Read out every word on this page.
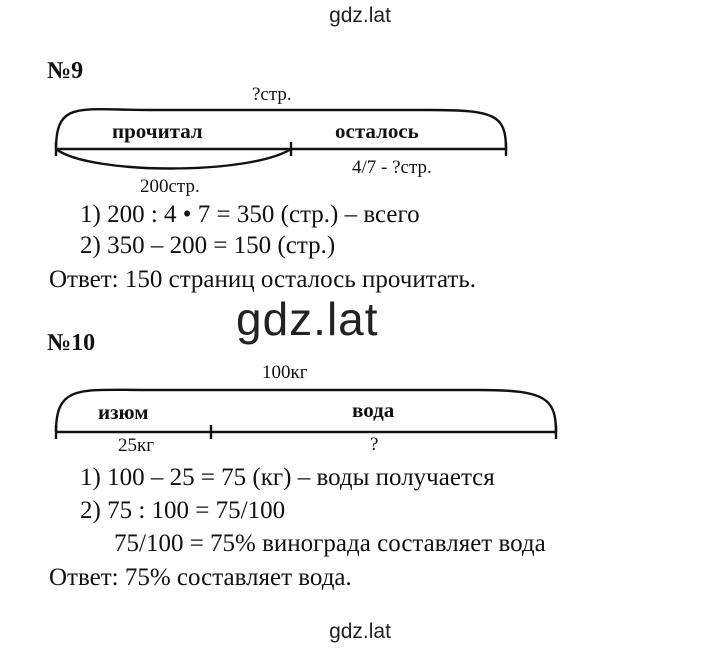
gdz.lat
№9
?стр.
прочитал	осталось
4/7 - ?стр.
200стр.
1) 200 : 4 • 7 = 350 (стр.) – всего
2) 350 – 200 = 150 (стр.)
Ответ: 150 страниц осталось прочитать.
gdz.lat
№10
100кг
изюм	вода
25кг	?
1) 100 – 25 = 75 (кг) – воды получается
2) 75 : 100 = 75/100
75/100 = 75% винограда составляет вода
Ответ: 75% составляет вода.
gdz.lat
